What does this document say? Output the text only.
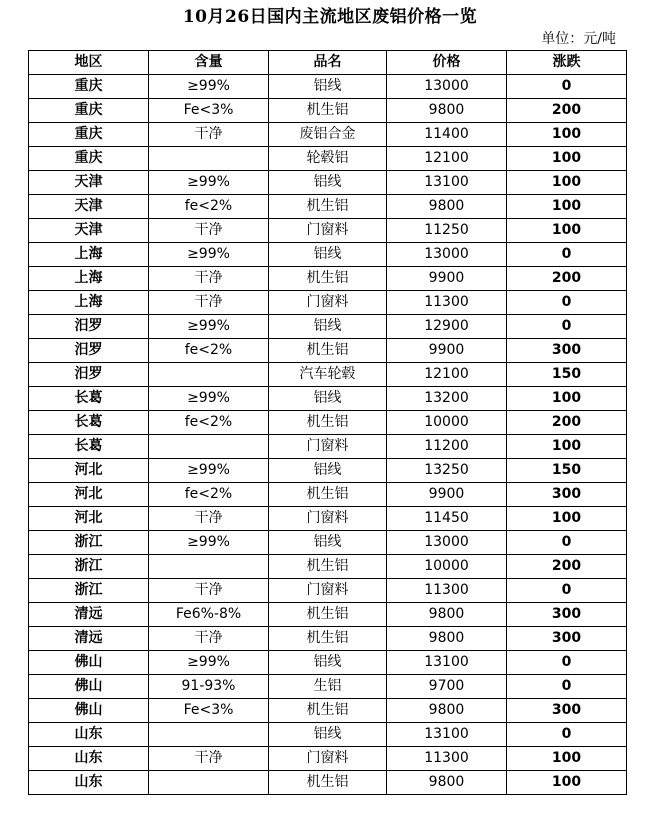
10月26日国内主流地区废铝价格一览
单位：元/吨
地区	含量	品名	价格	涨跌
重庆	≥99%	铝线	13000	0
重庆	Fe<3%	机生铝	9800	200
重庆	干净	废铝合金	11400	100
重庆		轮毂铝	12100	100
天津	≥99%	铝线	13100	100
天津	fe<2%	机生铝	9800	100
天津	干净	门窗料	11250	100
上海	≥99%	铝线	13000	0
上海	干净	机生铝	9900	200
上海	干净	门窗料	11300	0
汨罗	≥99%	铝线	12900	0
汨罗	fe<2%	机生铝	9900	300
汨罗		汽车轮毂	12100	150
长葛	≥99%	铝线	13200	100
长葛	fe<2%	机生铝	10000	200
长葛		门窗料	11200	100
河北	≥99%	铝线	13250	150
河北	fe<2%	机生铝	9900	300
河北	干净	门窗料	11450	100
浙江	≥99%	铝线	13000	0
浙江		机生铝	10000	200
浙江	干净	门窗料	11300	0
清远	Fe6%-8%	机生铝	9800	300
清远	干净	机生铝	9800	300
佛山	≥99%	铝线	13100	0
佛山	91-93%	生铝	9700	0
佛山	Fe<3%	机生铝	9800	300
山东		铝线	13100	0
山东	干净	门窗料	11300	100
山东		机生铝	9800	100
